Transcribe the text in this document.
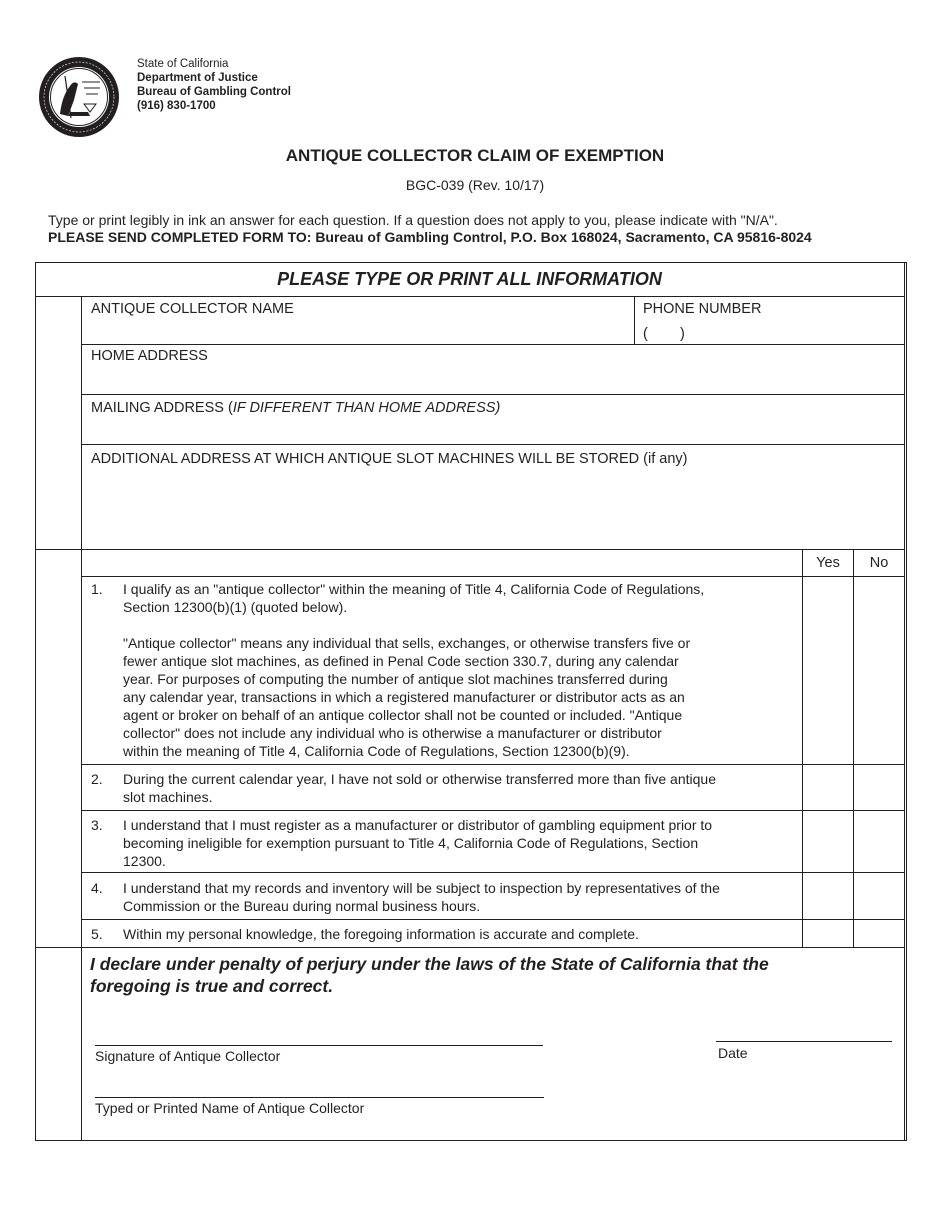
State of California
Department of Justice
Bureau of Gambling Control
(916) 830-1700
ANTIQUE COLLECTOR CLAIM OF EXEMPTION
BGC-039 (Rev. 10/17)
Type or print legibly in ink an answer for each question. If a question does not apply to you, please indicate with "N/A".
PLEASE SEND COMPLETED FORM TO: Bureau of Gambling Control, P.O. Box 168024, Sacramento, CA 95816-8024
PLEASE TYPE OR PRINT ALL INFORMATION
ANTIQUE COLLECTOR NAME	PHONE NUMBER
(        )
HOME ADDRESS
MAILING ADDRESS (IF DIFFERENT THAN HOME ADDRESS)
ADDITIONAL ADDRESS AT WHICH ANTIQUE SLOT MACHINES WILL BE STORED (if any)
Yes	No
1. I qualify as an "antique collector" within the meaning of Title 4, California Code of Regulations,
Section 12300(b)(1) (quoted below).
"Antique collector" means any individual that sells, exchanges, or otherwise transfers five or
fewer antique slot machines, as defined in Penal Code section 330.7, during any calendar
year. For purposes of computing the number of antique slot machines transferred during
any calendar year, transactions in which a registered manufacturer or distributor acts as an
agent or broker on behalf of an antique collector shall not be counted or included. "Antique
collector" does not include any individual who is otherwise a manufacturer or distributor
within the meaning of Title 4, California Code of Regulations, Section 12300(b)(9).
2. During the current calendar year, I have not sold or otherwise transferred more than five antique
slot machines.
3. I understand that I must register as a manufacturer or distributor of gambling equipment prior to
becoming ineligible for exemption pursuant to Title 4, California Code of Regulations, Section
12300.
4. I understand that my records and inventory will be subject to inspection by representatives of the
Commission or the Bureau during normal business hours.
5. Within my personal knowledge, the foregoing information is accurate and complete.
I declare under penalty of perjury under the laws of the State of California that the
foregoing is true and correct.
Signature of Antique Collector	Date
Typed or Printed Name of Antique Collector
